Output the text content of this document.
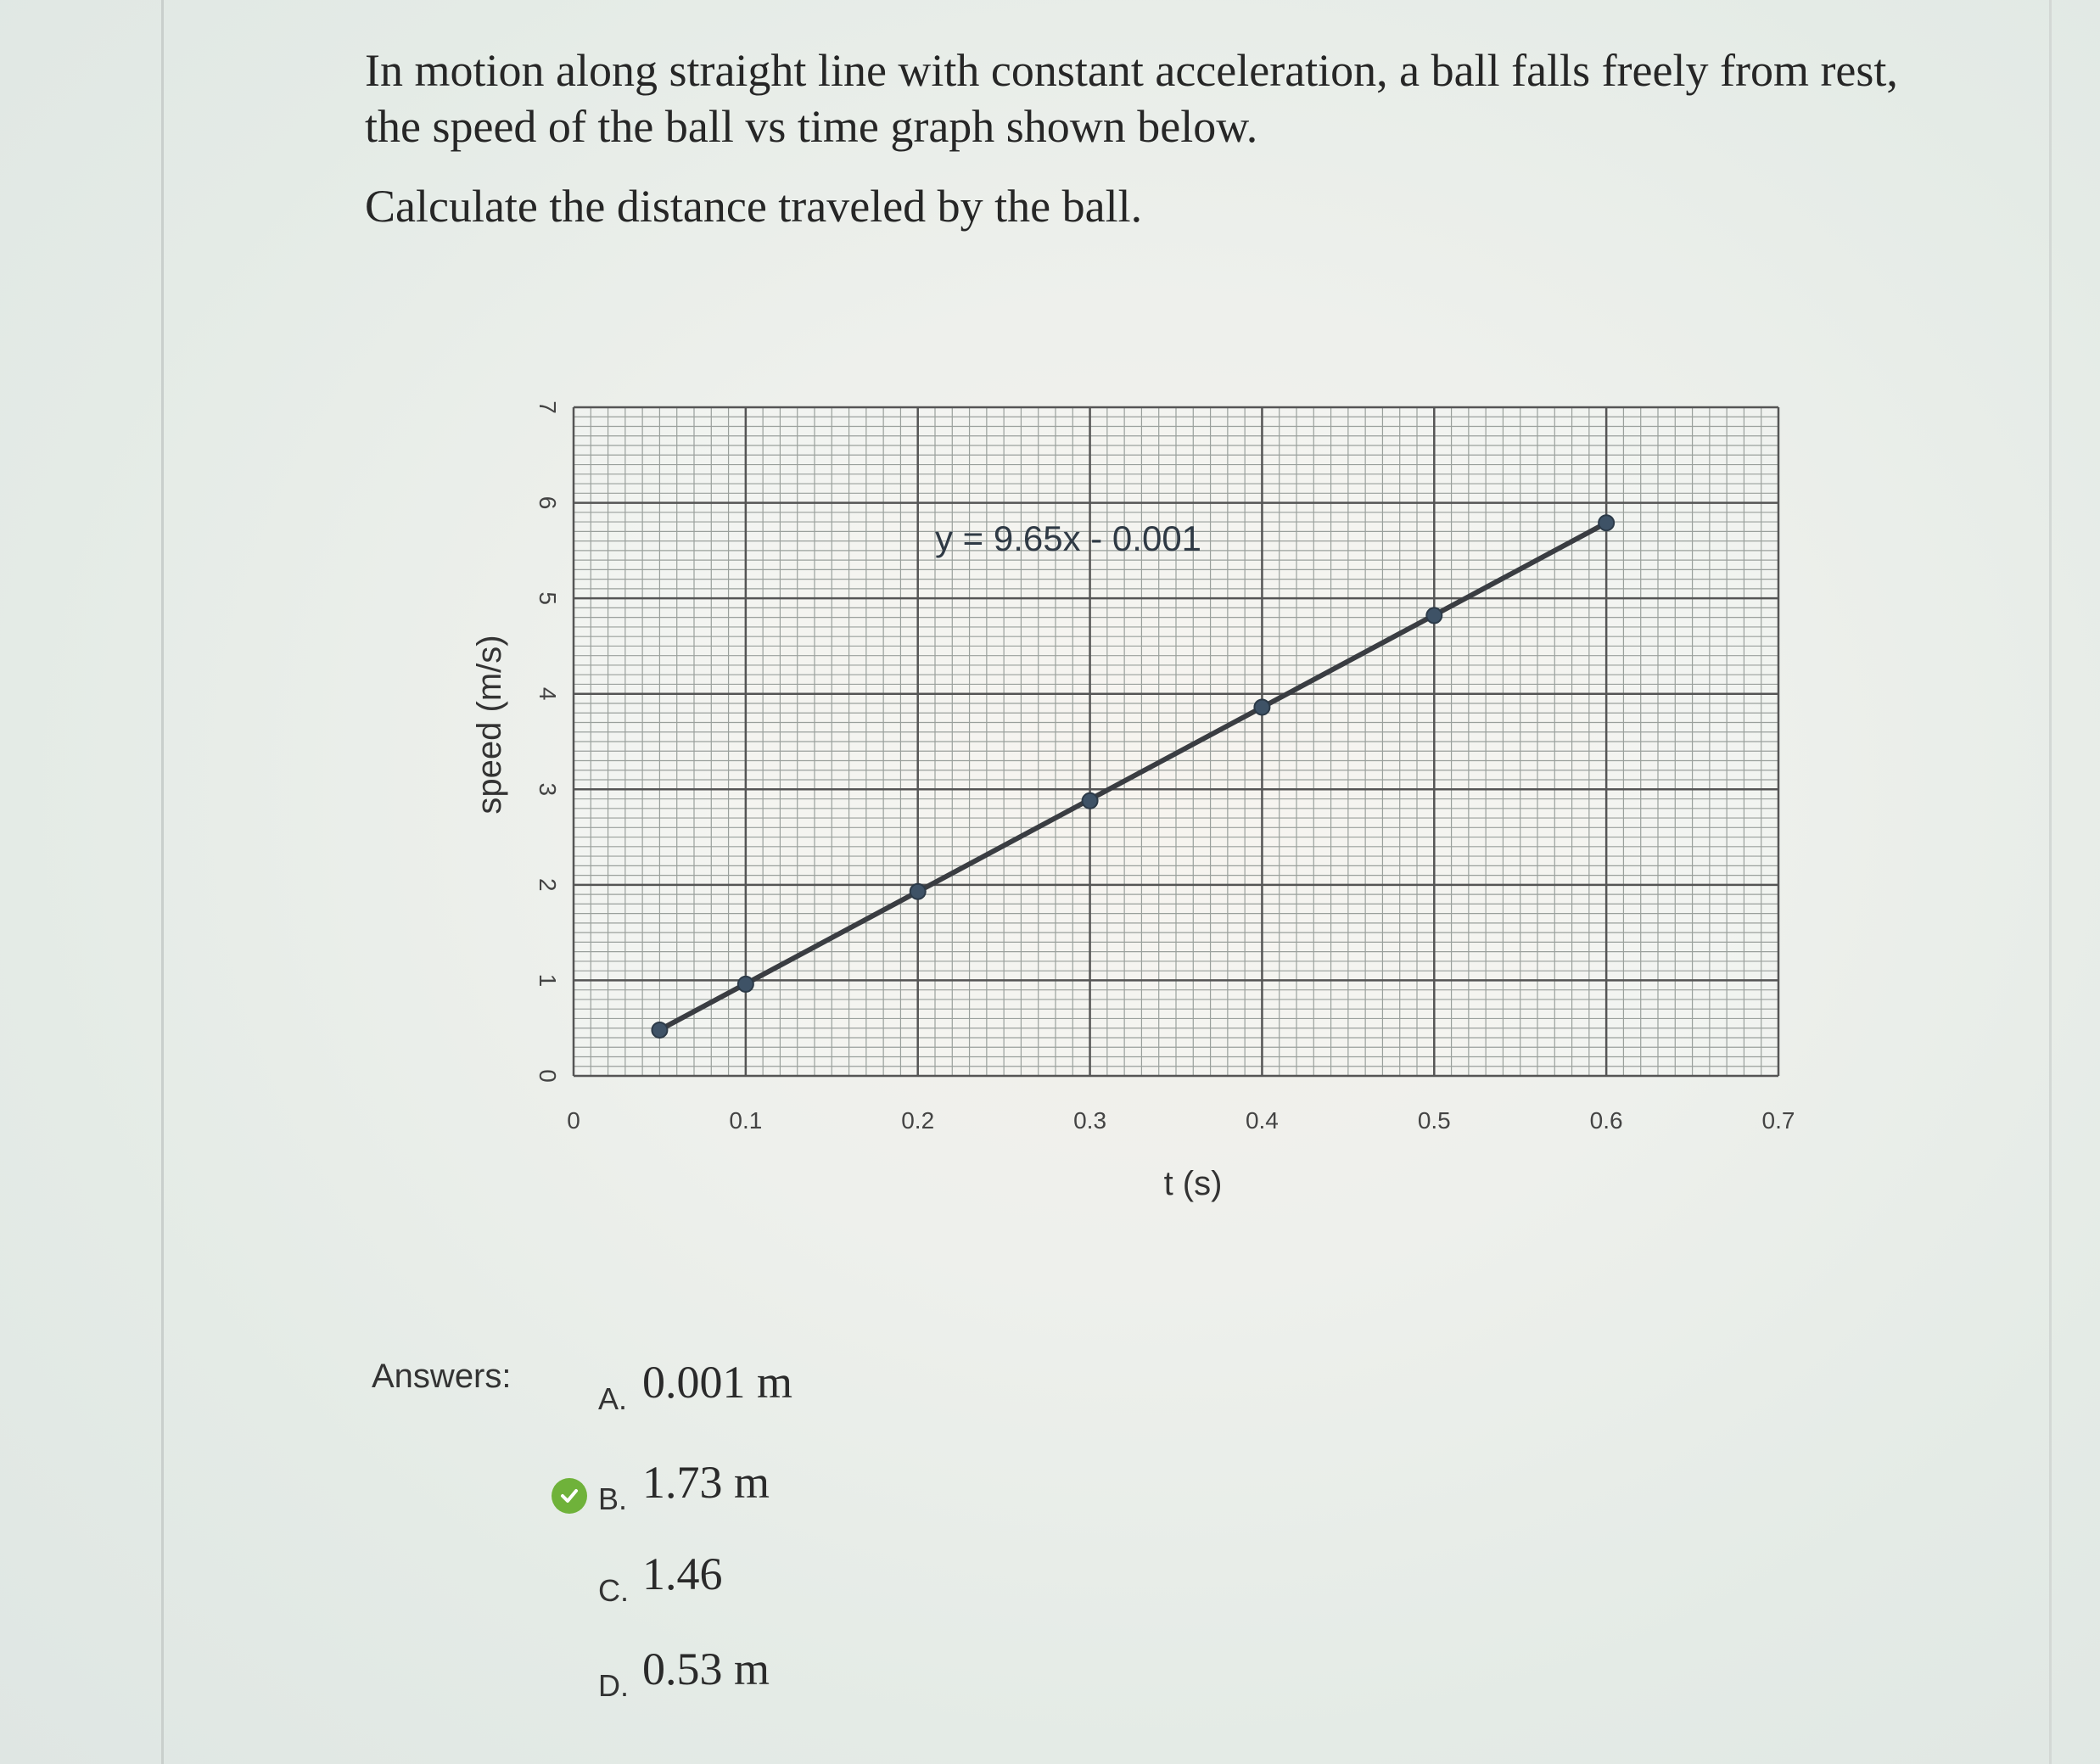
In motion along straight line with constant acceleration, a ball falls freely from rest, the speed of the ball vs time graph shown below.

Calculate the distance traveled by the ball.

0	0.1	0.2	0.3	0.4	0.5	0.6	0.7
0
1
2
3
4
5
6
7
t (s)
speed (m/s)
y = 9.65x - 0.001
Answers:
A. 0.001 m
B. 1.73 m
C. 1.46
D. 0.53 m
